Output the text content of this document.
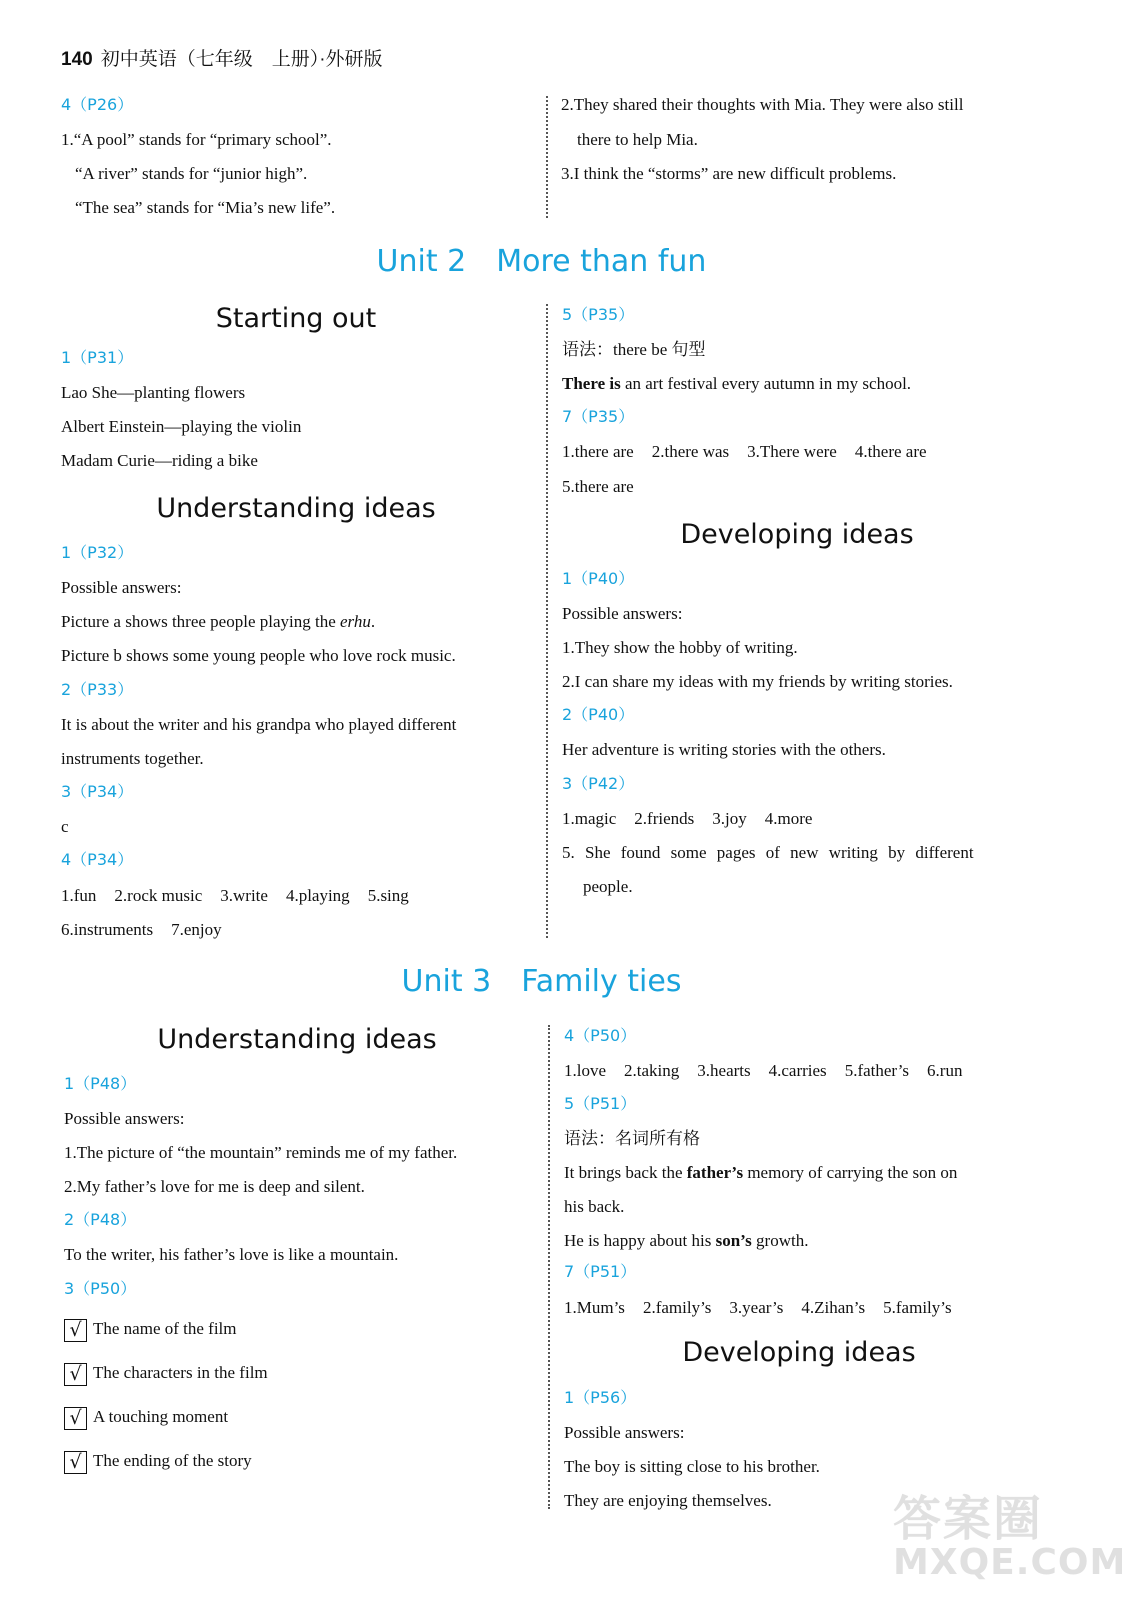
140 初中英语（七年级　上册）·外研版
4（P26）
1.“A pool” stands for “primary school”.
“A river” stands for “junior high”.
“The sea” stands for “Mia’s new life”.
2.They shared their thoughts with Mia. They were also still
there to help Mia.
3.I think the “storms” are new difficult problems.
Unit 2 More than fun
Starting out
1（P31）
Lao She—planting flowers
Albert Einstein—playing the violin
Madam Curie—riding a bike
1（P32）
Possible answers:
Picture a shows three people playing the erhu.
Picture b shows some young people who love rock music.
2（P33）
It is about the writer and his grandpa who played different
instruments together.
3（P34）
c
4（P34）
1.fun 2.rock music 3.write 4.playing 5.sing
6.instruments 7.enjoy
Understanding ideas
5（P35）
语法：there be 句型
There is an art festival every autumn in my school.
7（P35）
1.there are 2.there was 3.There were 4.there are
5.there are
1（P40）
Possible answers:
1.They show the hobby of writing.
2.I can share my ideas with my friends by writing stories.
2（P40）
Her adventure is writing stories with the others.
3（P42）
1.magic 2.friends 3.joy 4.more
5. She found some pages of new writing by different
people.
Developing ideas
Unit 3 Family ties
Understanding ideas
1（P48）
Possible answers:
1.The picture of “the mountain” reminds me of my father.
2.My father’s love for me is deep and silent.
2（P48）
To the writer, his father’s love is like a mountain.
3（P50）
√ The name of the film
√ The characters in the film
√ A touching moment
√ The ending of the story
4（P50）
1.love 2.taking 3.hearts 4.carries 5.father’s 6.run
5（P51）
语法：名词所有格
It brings back the father’s memory of carrying the son on
his back.
He is happy about his son’s growth.
7（P51）
1.Mum’s 2.family’s 3.year’s 4.Zihan’s 5.family’s
1（P56）
Possible answers:
The boy is sitting close to his brother.
They are enjoying themselves.
Developing ideas
答案圈
MXQE.COM
